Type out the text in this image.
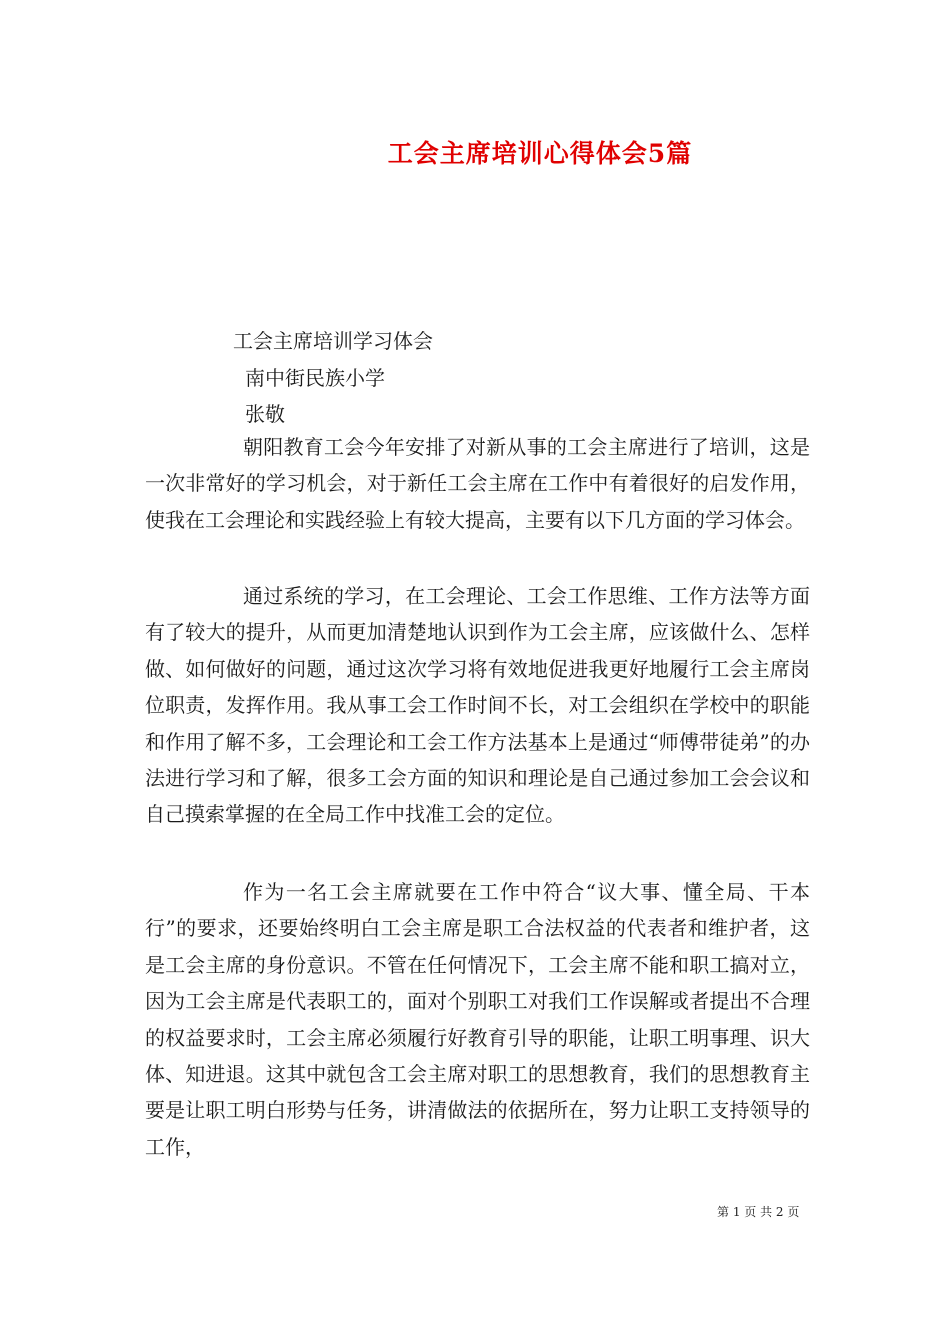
工会主席培训心得体会5篇
工会主席培训学习体会
南中街民族小学
张敬
朝阳教育工会今年安排了对新从事的工会主席进行了培训，这是一次非常好的学习机会，对于新任工会主席在工作中有着很好的启发作用，使我在工会理论和实践经验上有较大提高，主要有以下几方面的学习体会。
通过系统的学习，在工会理论、工会工作思维、工作方法等方面有了较大的提升，从而更加清楚地认识到作为工会主席，应该做什么、怎样做、如何做好的问题，通过这次学习将有效地促进我更好地履行工会主席岗位职责，发挥作用。我从事工会工作时间不长，对工会组织在学校中的职能和作用了解不多，工会理论和工会工作方法基本上是通过“师傅带徒弟”的办法进行学习和了解，很多工会方面的知识和理论是自己通过参加工会会议和自己摸索掌握的在全局工作中找准工会的定位。
作为一名工会主席就要在工作中符合“议大事、懂全局、干本行”的要求，还要始终明白工会主席是职工合法权益的代表者和维护者，这是工会主席的身份意识。不管在任何情况下，工会主席不能和职工搞对立，因为工会主席是代表职工的，面对个别职工对我们工作误解或者提出不合理的权益要求时，工会主席必须履行好教育引导的职能，让职工明事理、识大体、知进退。这其中就包含工会主席对职工的思想教育，我们的思想教育主要是让职工明白形势与任务，讲清做法的依据所在，努力让职工支持领导的工作，
第 1 页 共 2 页
